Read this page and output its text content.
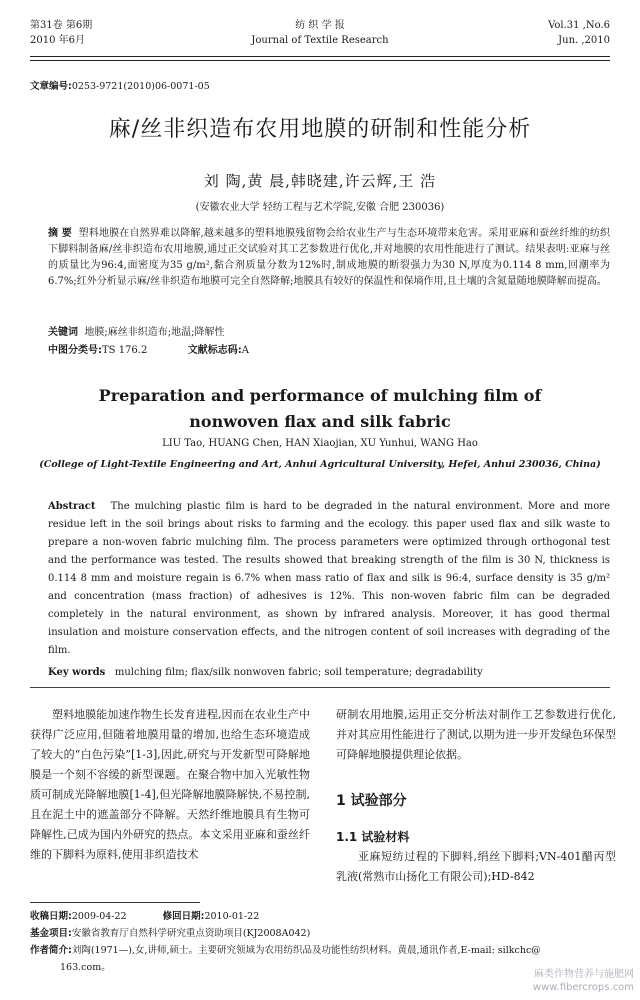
第31卷 第6期
2010 年6月
纺 织 学 报
Journal of Textile Research
Vol.31 ,No.6
Jun. ,2010
文章编号:0253-9721(2010)06-0071-05
麻/丝非织造布农用地膜的研制和性能分析
刘 陶,黄 晨,韩晓建,许云辉,王 浩
(安徽农业大学 轻纺工程与艺术学院,安徽 合肥 230036)
摘 要 塑料地膜在自然界难以降解,越来越多的塑料地膜残留物会给农业生产与生态环境带来危害。采用亚麻和蚕丝纤维的纺织下脚料制备麻/丝非织造布农用地膜,通过正交试验对其工艺参数进行优化,并对地膜的农用性能进行了测试。结果表明:亚麻与丝的质量比为96:4,面密度为35 g/m²,黏合剂质量分数为12%时,制成地膜的断裂强力为30 N,厚度为0.114 8 mm,回潮率为6.7%;红外分析显示麻/丝非织造布地膜可完全自然降解;地膜具有较好的保温性和保墒作用,且土壤的含氮量随地膜降解而提高。
关键词 地膜;麻丝非织造布;地温;降解性
中图分类号:TS 176.2	文献标志码:A
Preparation and performance of mulching film of
nonwoven flax and silk fabric
LIU Tao, HUANG Chen, HAN Xiaojian, XU Yunhui, WANG Hao
(College of Light-Textile Engineering and Art, Anhui Agricultural University, Hefei, Anhui 230036, China)
Abstract The mulching plastic film is hard to be degraded in the natural environment. More and more residue left in the soil brings about risks to farming and the ecology. this paper used flax and silk waste to prepare a non-woven fabric mulching film. The process parameters were optimized through orthogonal test and the performance was tested. The results showed that breaking strength of the film is 30 N, thickness is 0.114 8 mm and moisture regain is 6.7% when mass ratio of flax and silk is 96:4, surface density is 35 g/m² and concentration (mass fraction) of adhesives is 12%. This non-woven fabric film can be degraded completely in the natural environment, as shown by infrared analysis. Moreover, it has good thermal insulation and moisture conservation effects, and the nitrogen content of soil increases with degrading of the film.
Key words mulching film; flax/silk nonwoven fabric; soil temperature; degradability

塑料地膜能加速作物生长发育进程,因而在农业生产中获得广泛应用,但随着地膜用量的增加,也给生态环境造成了较大的“白色污染”[1-3],因此,研究与开发新型可降解地膜是一个刻不容缓的新型课题。在聚合物中加入光敏性物质可制成光降解地膜[1-4],但光降解地膜降解快,不易控制,且在泥土中的遮盖部分不降解。天然纤维地膜具有生物可降解性,已成为国内外研究的热点。本文采用亚麻和蚕丝纤维的下脚料为原料,使用非织造技术

研制农用地膜,运用正交分析法对制作工艺参数进行优化,并对其应用性能进行了测试,以期为进一步开发绿色环保型可降解地膜提供理论依据。

1 试验部分
1.1 试验材料

亚麻短纺过程的下脚料,绢丝下脚料;VN-401醋丙型乳液(常熟市山扬化工有限公司);HD-842

收稿日期:2009-04-22	修回日期:2010-01-22
基金项目:安徽省教育厅自然科学研究重点资助项目(KJ2008A042)
作者简介:刘陶(1971—),女,讲师,硕士。主要研究领域为农用纺织品及功能性纺织材料。黄晨,通讯作者,E-mail: silkchc@
163.com。
麻类作物营养与施肥网
www.fibercrops.com
